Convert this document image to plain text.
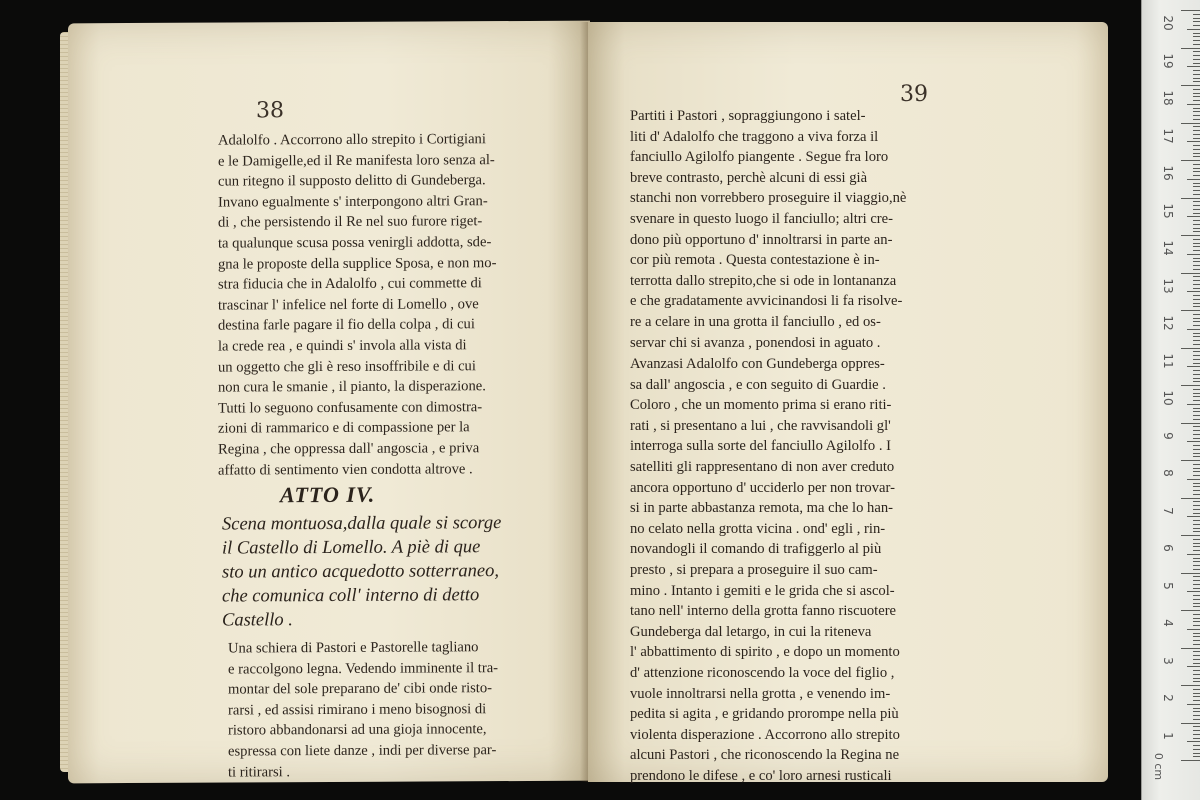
38
Adalolfo . Accorrono allo strepito i Cortigiani
e le Damigelle,ed il Re manifesta loro senza al-
cun ritegno il supposto delitto di Gundeberga.
Invano egualmente s' interpongono altri Gran-
di , che persistendo il Re nel suo furore riget-
ta qualunque scusa possa venirgli addotta, sde-
gna le proposte della supplice Sposa, e non mo-
stra fiducia che in Adalolfo , cui commette di
trascinar l' infelice nel forte di Lomello , ove
destina farle pagare il fio della colpa , di cui
la crede rea , e quindi s' invola alla vista di
un oggetto che gli è reso insoffribile e di cui
non cura le smanie , il pianto, la disperazione.
Tutti lo seguono confusamente con dimostra-
zioni di rammarico e di compassione per la
Regina , che oppressa dall' angoscia , e priva
affatto di sentimento vien condotta altrove .
ATTO IV.
Scena montuosa,dalla quale si scorge
il Castello di Lomello. A piè di que
sto un antico acquedotto sotterraneo,
che comunica coll' interno di detto
Castello .
Una schiera di Pastori e Pastorelle tagliano
e raccolgono legna. Vedendo imminente il tra-
montar del sole preparano de' cibi onde risto-
rarsi , ed assisi rimirano i meno bisognosi di
ristoro abbandonarsi ad una gioja innocente,
espressa con liete danze , indi per diverse par-
ti ritirarsi .
39
Partiti i Pastori , sopraggiungono i satel-
liti d' Adalolfo che traggono a viva forza il
fanciullo Agilolfo piangente . Segue fra loro
breve contrasto, perchè alcuni di essi già
stanchi non vorrebbero proseguire il viaggio,nè
svenare in questo luogo il fanciullo; altri cre-
dono più opportuno d' innoltrarsi in parte an-
cor più remota . Questa contestazione è in-
terrotta dallo strepito,che si ode in lontananza
e che gradatamente avvicinandosi li fa risolve-
re a celare in una grotta il fanciullo , ed os-
servar chi si avanza , ponendosi in aguato .
Avanzasi Adalolfo con Gundeberga oppres-
sa dall' angoscia , e con seguito di Guardie .
Coloro , che un momento prima si erano riti-
rati , si presentano a lui , che ravvisandoli gl'
interroga sulla sorte del fanciullo Agilolfo . I
satelliti gli rappresentano di non aver creduto
ancora opportuno d' ucciderlo per non trovar-
si in parte abbastanza remota, ma che lo han-
no celato nella grotta vicina . ond' egli , rin-
novandogli il comando di trafiggerlo al più
presto , si prepara a proseguire il suo cam-
mino . Intanto i gemiti e le grida che si ascol-
tano nell' interno della grotta fanno riscuotere
Gundeberga dal letargo, in cui la riteneva
l' abbattimento di spirito , e dopo un momento
d' attenzione riconoscendo la voce del figlio ,
vuole innoltrarsi nella grotta , e venendo im-
pedita si agita , e gridando prorompe nella più
violenta disperazione . Accorrono allo strepito
alcuni Pastori , che riconoscendo la Regina ne
prendono le difese , e co' loro arnesi rusticali
20
19
18
17
16
15
14
13
12
11
10
9
8
7
6
5
4
3
2
1
0 cm
